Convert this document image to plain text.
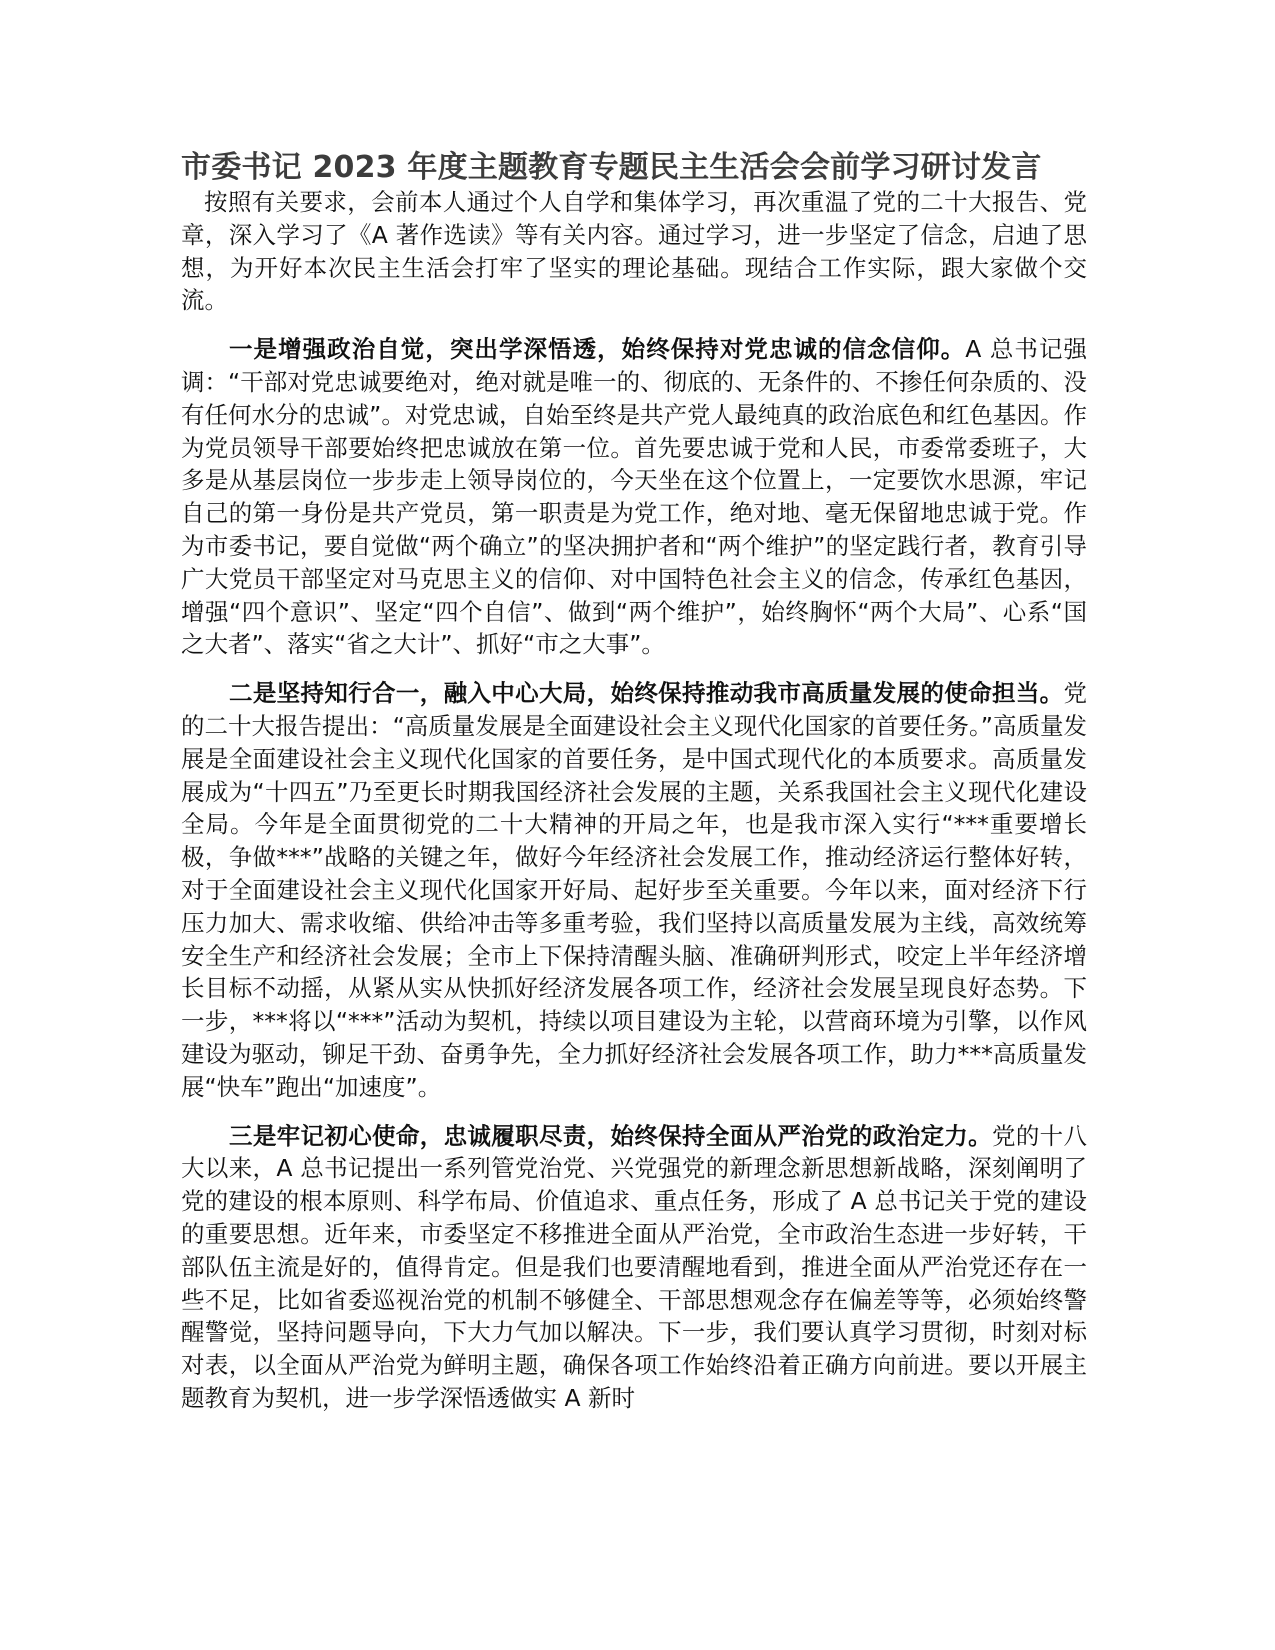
市委书记 2023 年度主题教育专题民主生活会会前学习研讨发言

按照有关要求，会前本人通过个人自学和集体学习，再次重温了党的二十大报告、党章，深入学习了《A 著作选读》等有关内容。通过学习，进一步坚定了信念，启迪了思想，为开好本次民主生活会打牢了坚实的理论基础。现结合工作实际，跟大家做个交流。

一是增强政治自觉，突出学深悟透，始终保持对党忠诚的信念信仰。A 总书记强调：“干部对党忠诚要绝对，绝对就是唯一的、彻底的、无条件的、不掺任何杂质的、没有任何水分的忠诚”。对党忠诚，自始至终是共产党人最纯真的政治底色和红色基因。作为党员领导干部要始终把忠诚放在第一位。首先要忠诚于党和人民，市委常委班子，大多是从基层岗位一步步走上领导岗位的，今天坐在这个位置上，一定要饮水思源，牢记自己的第一身份是共产党员，第一职责是为党工作，绝对地、毫无保留地忠诚于党。作为市委书记，要自觉做“两个确立”的坚决拥护者和“两个维护”的坚定践行者，教育引导广大党员干部坚定对马克思主义的信仰、对中国特色社会主义的信念，传承红色基因，增强“四个意识”、坚定“四个自信”、做到“两个维护”，始终胸怀“两个大局”、心系“国之大者”、落实“省之大计”、抓好“市之大事”。

二是坚持知行合一，融入中心大局，始终保持推动我市高质量发展的使命担当。党的二十大报告提出：“高质量发展是全面建设社会主义现代化国家的首要任务。”高质量发展是全面建设社会主义现代化国家的首要任务，是中国式现代化的本质要求。高质量发展成为“十四五”乃至更长时期我国经济社会发展的主题，关系我国社会主义现代化建设全局。今年是全面贯彻党的二十大精神的开局之年，也是我市深入实行“***重要增长极，争做***”战略的关键之年，做好今年经济社会发展工作，推动经济运行整体好转，对于全面建设社会主义现代化国家开好局、起好步至关重要。今年以来，面对经济下行压力加大、需求收缩、供给冲击等多重考验，我们坚持以高质量发展为主线，高效统筹安全生产和经济社会发展；全市上下保持清醒头脑、准确研判形式，咬定上半年经济增长目标不动摇，从紧从实从快抓好经济发展各项工作，经济社会发展呈现良好态势。下一步，***将以“***”活动为契机，持续以项目建设为主轮，以营商环境为引擎，以作风建设为驱动，铆足干劲、奋勇争先，全力抓好经济社会发展各项工作，助力***高质量发展“快车”跑出“加速度”。

三是牢记初心使命，忠诚履职尽责，始终保持全面从严治党的政治定力。党的十八大以来，A 总书记提出一系列管党治党、兴党强党的新理念新思想新战略，深刻阐明了党的建设的根本原则、科学布局、价值追求、重点任务，形成了 A 总书记关于党的建设的重要思想。近年来，市委坚定不移推进全面从严治党，全市政治生态进一步好转，干部队伍主流是好的，值得肯定。但是我们也要清醒地看到，推进全面从严治党还存在一些不足，比如省委巡视治党的机制不够健全、干部思想观念存在偏差等等，必须始终警醒警觉，坚持问题导向，下大力气加以解决。下一步，我们要认真学习贯彻，时刻对标对表，以全面从严治党为鲜明主题，确保各项工作始终沿着正确方向前进。要以开展主题教育为契机，进一步学深悟透做实 A 新时
